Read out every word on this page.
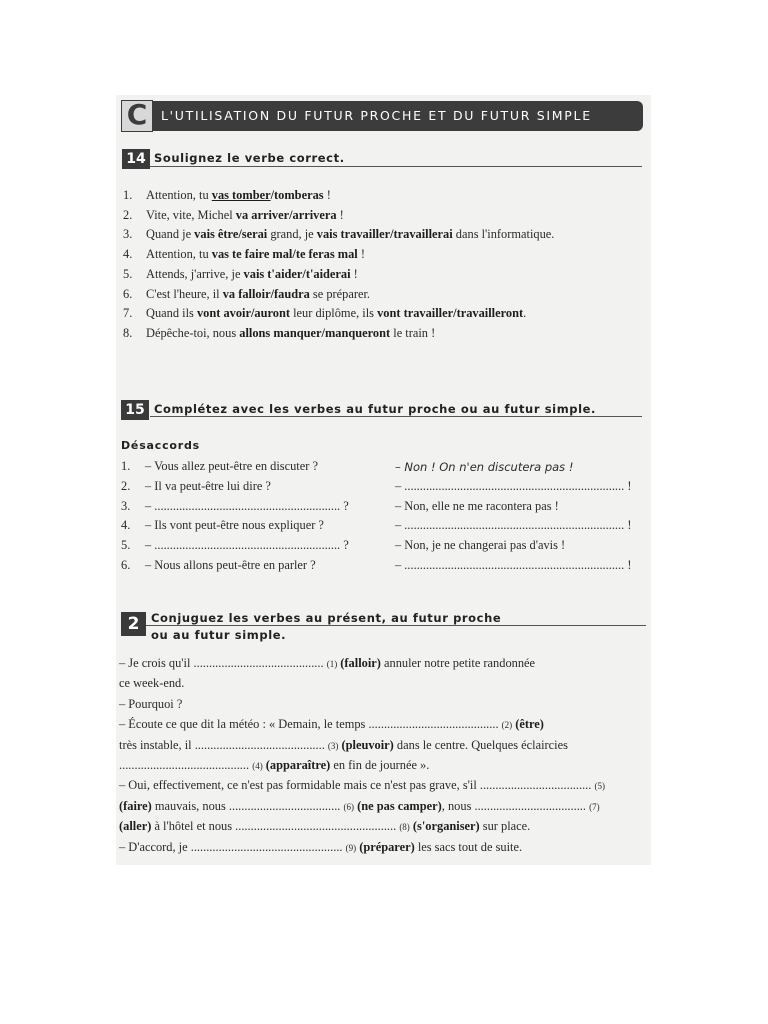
C	L'UTILISATION DU FUTUR PROCHE ET DU FUTUR SIMPLE
14 Soulignez le verbe correct.
1. Attention, tu vas tomber/tomberas !
2. Vite, vite, Michel va arriver/arrivera !
3. Quand je vais être/serai grand, je vais travailler/travaillerai dans l'informatique.
4. Attention, tu vas te faire mal/te feras mal !
5. Attends, j'arrive, je vais t'aider/t'aiderai !
6. C'est l'heure, il va falloir/faudra se préparer.
7. Quand ils vont avoir/auront leur diplôme, ils vont travailler/travailleront.
8. Dépêche-toi, nous allons manquer/manqueront le train !
15 Complétez avec les verbes au futur proche ou au futur simple.
Désaccords
1. – Vous allez peut-être en discuter ?	– Non ! On n'en discutera pas !
2. – Il va peut-être lui dire ?	– ....................................................................... !
3. – ............................................................ ?	– Non, elle ne me racontera pas !
4. – Ils vont peut-être nous expliquer ?	– ....................................................................... !
5. – ............................................................ ?	– Non, je ne changerai pas d'avis !
6. – Nous allons peut-être en parler ?	– ....................................................................... !
2	Conjuguez les verbes au présent, au futur proche
ou au futur simple.
– Je crois qu'il .......................................... (1) (falloir) annuler notre petite randonnée
ce week-end.
– Pourquoi ?
– Écoute ce que dit la météo : « Demain, le temps .......................................... (2) (être)
très instable, il .......................................... (3) (pleuvoir) dans le centre. Quelques éclaircies
.......................................... (4) (apparaître) en fin de journée ».
– Oui, effectivement, ce n'est pas formidable mais ce n'est pas grave, s'il .................................... (5)
(faire) mauvais, nous .................................... (6) (ne pas camper), nous .................................... (7)
(aller) à l'hôtel et nous .................................................... (8) (s'organiser) sur place.
– D'accord, je ................................................. (9) (préparer) les sacs tout de suite.
